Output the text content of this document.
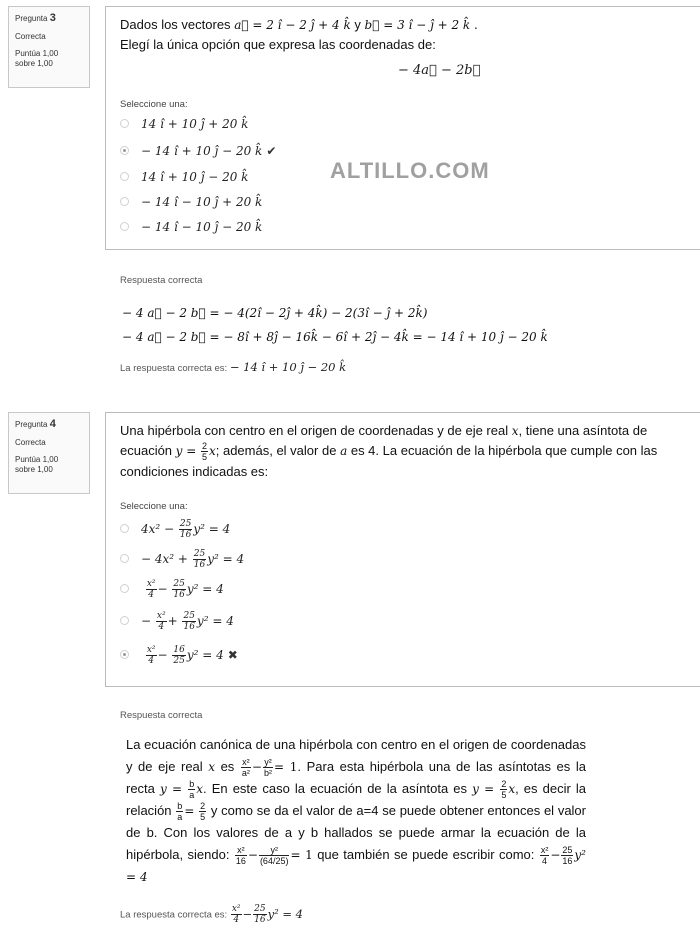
Pregunta 3
Correcta
Puntúa 1,00
sobre 1,00
Dados los vectores a⃗ = 2 î − 2 ĵ + 4 k̂ y b⃗ = 3 î − ĵ + 2 k̂ .
Elegí la única opción que expresa las coordenadas de:
− 4a⃗ − 2b⃗
Seleccione una:
14 î + 10 ĵ + 20 k̂
− 14 î + 10 ĵ − 20 k̂ ✔
14 î + 10 ĵ − 20 k̂
− 14 î − 10 ĵ + 20 k̂
− 14 î − 10 ĵ − 20 k̂
ALTILLO.COM
Respuesta correcta
− 4 a⃗ − 2 b⃗ = − 4(2î − 2ĵ + 4k̂) − 2(3î − ĵ + 2k̂)
− 4 a⃗ − 2 b⃗ = − 8î + 8ĵ − 16k̂ − 6î + 2ĵ − 4k̂ = − 14 î + 10 ĵ − 20 k̂
La respuesta correcta es: − 14 î + 10 ĵ − 20 k̂
Pregunta 4
Correcta
Puntúa 1,00
sobre 1,00
Una hipérbola con centro en el origen de coordenadas y de eje real x, tiene una asíntota de
ecuación $y = \frac{2}{5} x$; además, el valor de a es 4. La ecuación de la hipérbola que cumple con las
condiciones indicadas es:
Seleccione una:
$4x^2 - \frac{25}{16} y^2 = 4$
− $4x^2 + \frac{25}{16} y^2 = 4$

$\frac{\text{x²}}{4} - \frac{25}{16} y^2 = 4$
− $\frac{\text{x²}}{4} + \frac{25}{16} y^2 = 4$

$\frac{\text{x²}}{4} - \frac{16}{25} y^2 = 4$ ✖
Respuesta correcta
La ecuación canónica de una hipérbola con centro en el origen de coordenadas y de eje real x es $\frac{\text{x²}}{\text{a²}} - \frac{\text{y²}}{\text{b²}} = 1$. Para esta hipérbola una de las asíntotas es la recta $y = \frac{b}{a} x$. En este caso la ecuación de la asíntota es $y = \frac{2}{5} x$, es decir la relación $\frac{b}{a} = \frac{2}{5}$ y como se da el valor de a=4 se puede obtener entonces el valor de b. Con los valores de a y b hallados se puede armar la ecuación de la hipérbola, siendo: $\frac{\text{x²}}{16} - \frac{\text{y²}}{(64/25)} = 1$ que también se puede escribir como: $\frac{\text{x²}}{4} - \frac{25}{16} y^2 = 4$
La respuesta correcta es: $\frac{\text{x²}}{4} - \frac{25}{16} y^2 = 4$
